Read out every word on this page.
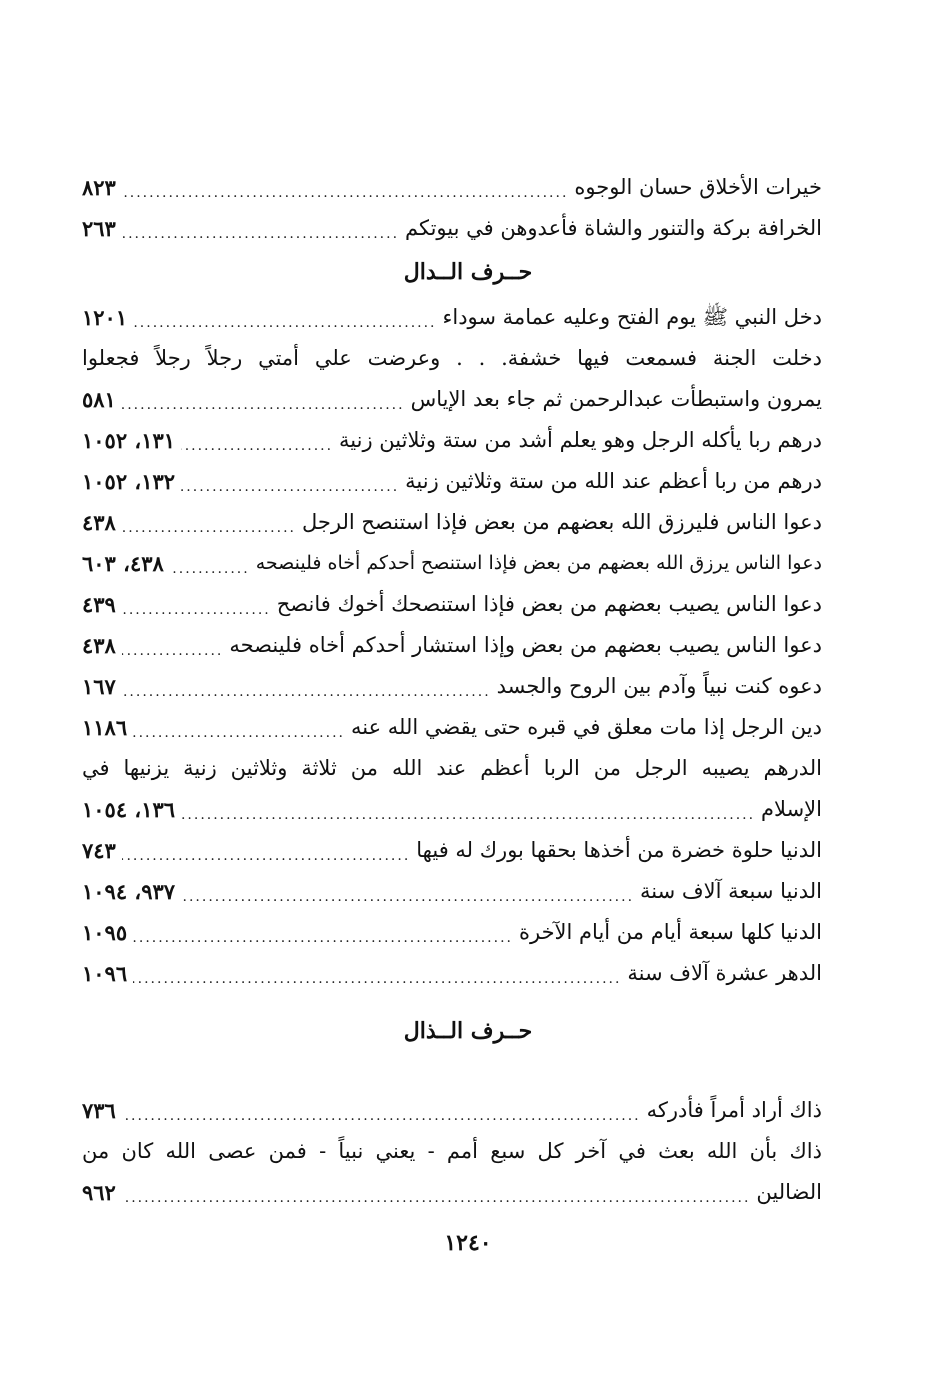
خيرات الأخلاق حسان الوجوه
.....
٨٢٣
الخرافة بركة والتنور والشاة فأعدوهن في بيوتكم
.....
٢٦٣
حــرف الــدال
دخل النبي ﷺ يوم الفتح وعليه عمامة سوداء
.....
١٢٠١
دخلت الجنة فسمعت فيها خشفة. . . وعرضت علي أمتي رجلاً رجلاً فجعلوا
يمرون واستبطأت عبدالرحمن ثم جاء بعد الإياس
.....
٥٨١
درهم ربا يأكله الرجل وهو يعلم أشد من ستة وثلاثين زنية
.....
١٣١، ١٠٥٢
درهم من ربا أعظم عند الله من ستة وثلاثين زنية
.....
١٣٢، ١٠٥٢
دعوا الناس فليرزق الله بعضهم من بعض فإذا استنصح الرجل
.....
٤٣٨
دعوا الناس يرزق الله بعضهم من بعض فإذا استنصح أحدكم أخاه فلينصحه
.....
٤٣٨، ٦٠٣
دعوا الناس يصيب بعضهم من بعض فإذا استنصحك أخوك فانصح
.....
٤٣٩
دعوا الناس يصيب بعضهم من بعض وإذا استشار أحدكم أخاه فلينصحه
.....
٤٣٨
دعوه كنت نبياً وآدم بين الروح والجسد
.....
١٦٧
دين الرجل إذا مات معلق في قبره حتى يقضي الله عنه
.....
١١٨٦
الدرهم يصيبه الرجل من الربا أعظم عند الله من ثلاثة وثلاثين زنية يزنيها في
الإسلام
.....
١٣٦، ١٠٥٤
الدنيا حلوة خضرة من أخذها بحقها بورك له فيها
.....
٧٤٣
الدنيا سبعة آلاف سنة
.....
٩٣٧، ١٠٩٤
الدنيا كلها سبعة أيام من أيام الآخرة
.....
١٠٩٥
الدهر عشرة آلاف سنة
.....
١٠٩٦
حــرف الــذال
ذاك أراد أمراً فأدركه
.....
٧٣٦
ذاك بأن الله بعث في آخر كل سبع أمم - يعني نبياً - فمن عصى الله كان من
الضالين
.....
٩٦٢
١٢٤٠
